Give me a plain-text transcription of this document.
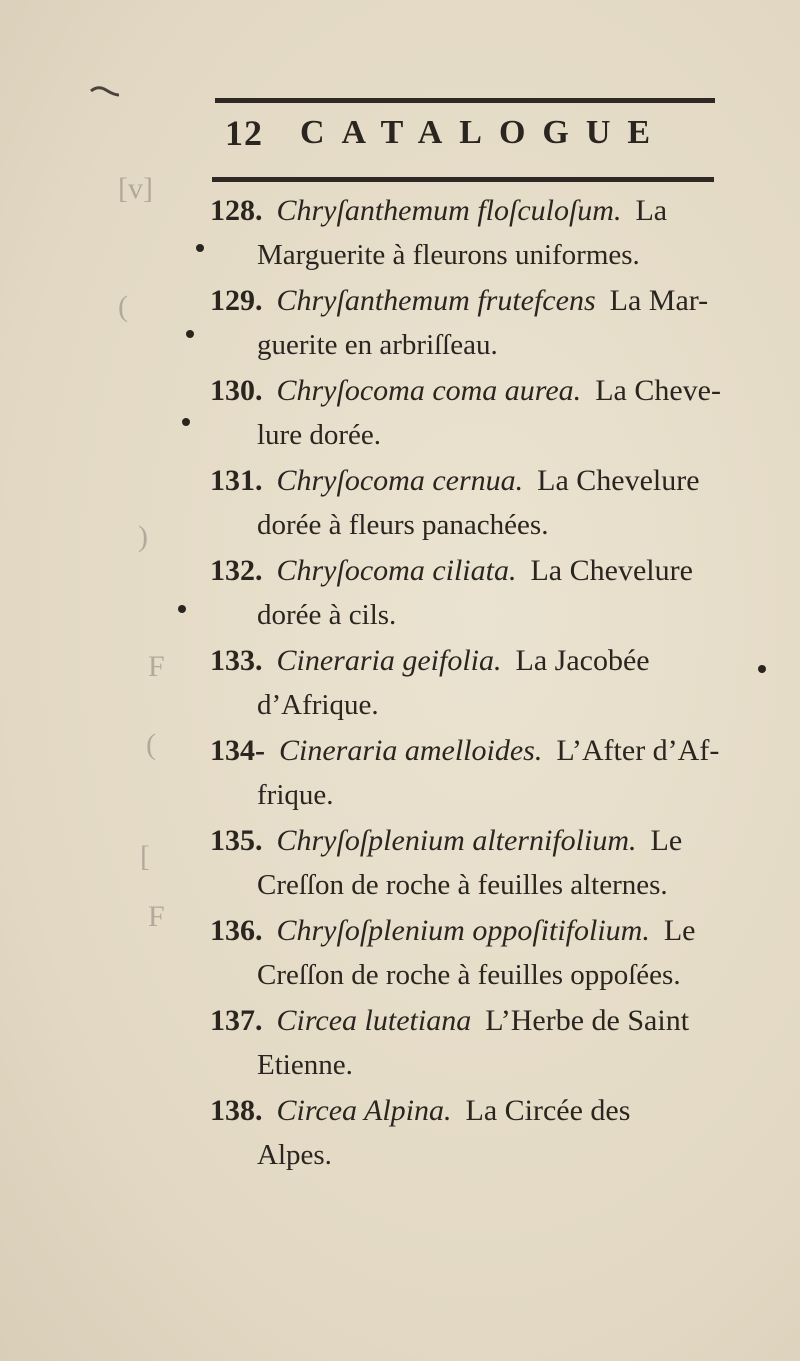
[v]
(
)
F
(
[
F
12 CATALOGUE

128. Chryſanthemum floſculoſum. La
Marguerite à fleurons uniformes.

129. Chryſanthemum frutefcens La Mar-
guerite en arbriſſeau.

130. Chryſocoma coma aurea. La Cheve-
lure dorée.

131. Chryſocoma cernua. La Chevelure
dorée à fleurs panachées.

132. Chryſocoma ciliata. La Chevelure
dorée à cils.

133. Cineraria geifolia. La Jacobée
d’Afrique.

134- Cineraria amelloides. L’After d’Af-
frique.

135. Chryſoſplenium alternifolium. Le
Creſſon de roche à feuilles alternes.

136. Chryſoſplenium oppoſitifolium. Le
Creſſon de roche à feuilles oppoſées.

137. Circea lutetiana L’Herbe de Saint
Etienne.

138. Circea Alpina. La Circée des
Alpes.
